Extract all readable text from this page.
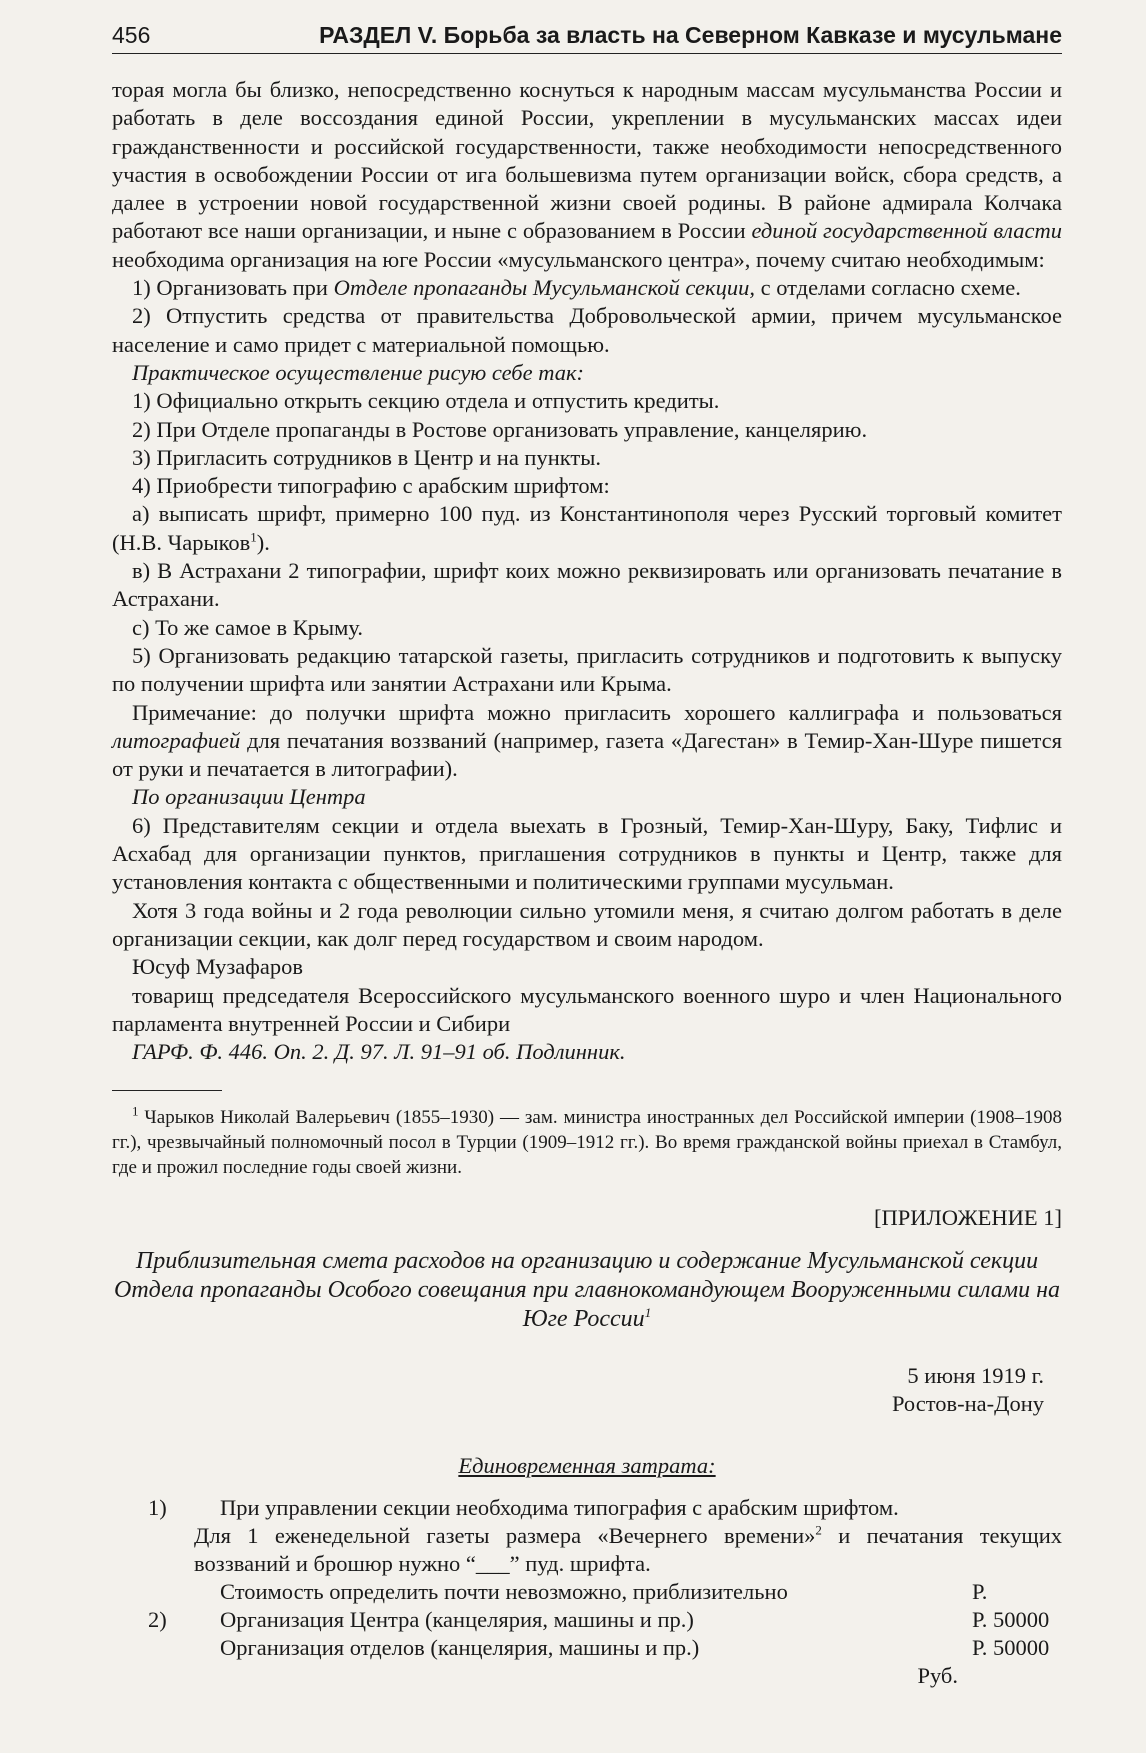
456	РАЗДЕЛ V. Борьба за власть на Северном Кавказе и мусульмане

торая могла бы близко, непосредственно коснуться к народным массам мусульманства России и работать в деле воссоздания единой России, укреплении в мусульманских массах идеи гражданственности и российской государственности, также необходимости непосредственного участия в освобождении России от ига большевизма путем организации войск, сбора средств, а далее в устроении новой государственной жизни своей родины. В районе адмирала Колчака работают все наши организации, и ныне с образованием в России единой государственной власти необходима организация на юге России «мусульманского центра», почему считаю необходимым:

1) Организовать при Отделе пропаганды Мусульманской секции, с отделами согласно схеме.

2) Отпустить средства от правительства Добровольческой армии, причем мусульманское население и само придет с материальной помощью.

Практическое осуществление рисую себе так:

1) Официально открыть секцию отдела и отпустить кредиты.

2) При Отделе пропаганды в Ростове организовать управление, канцелярию.

3) Пригласить сотрудников в Центр и на пункты.

4) Приобрести типографию с арабским шрифтом:

а) выписать шрифт, примерно 100 пуд. из Константинополя через Русский торговый комитет (Н.В. Чарыков$^1$).

в) В Астрахани 2 типографии, шрифт коих можно реквизировать или организовать печатание в Астрахани.

с) То же самое в Крыму.

5) Организовать редакцию татарской газеты, пригласить сотрудников и подготовить к выпуску по получении шрифта или занятии Астрахани или Крыма.

Примечание: до получки шрифта можно пригласить хорошего каллиграфа и пользоваться литографией для печатания воззваний (например, газета «Дагестан» в Темир-Хан-Шуре пишется от руки и печатается в литографии).

По организации Центра

6) Представителям секции и отдела выехать в Грозный, Темир-Хан-Шуру, Баку, Тифлис и Асхабад для организации пунктов, приглашения сотрудников в пункты и Центр, также для установления контакта с общественными и политическими группами мусульман.

Хотя 3 года войны и 2 года революции сильно утомили меня, я считаю долгом работать в деле организации секции, как долг перед государством и своим народом.

Юсуф Музафаров

товарищ председателя Всероссийского мусульманского военного шуро и член Национального парламента внутренней России и Сибири

ГАРФ. Ф. 446. Оп. 2. Д. 97. Л. 91–91 об. Подлинник.

$^1$ Чарыков Николай Валерьевич (1855–1930) — зам. министра иностранных дел Российской империи (1908–1908 гг.), чрезвычайный полномочный посол в Турции (1909–1912 гг.). Во время гражданской войны приехал в Стамбул, где и прожил последние годы своей жизни.

[ПРИЛОЖЕНИЕ 1]
Приблизительная смета расходов на организацию и содержание Мусульманской секции Отдела пропаганды Особого совещания при главнокомандующем Вооруженными силами на Юге России$^1$
5 июня 1919 г.
Ростов-на-Дону
Единовременная затрата:
1)	При управлении секции необходима типография с арабским шрифтом.
Для 1 еженедельной газеты размера «Вечернего времени»$^2$ и печатания текущих воззваний и брошюр нужно “___” пуд. шрифта.
Стоимость определить почти невозможно, приблизительно	Р.
2)	Организация Центра (канцелярия, машины и пр.)	Р. 50000
Организация отделов (канцелярия, машины и пр.)	Р. 50000
Руб.
